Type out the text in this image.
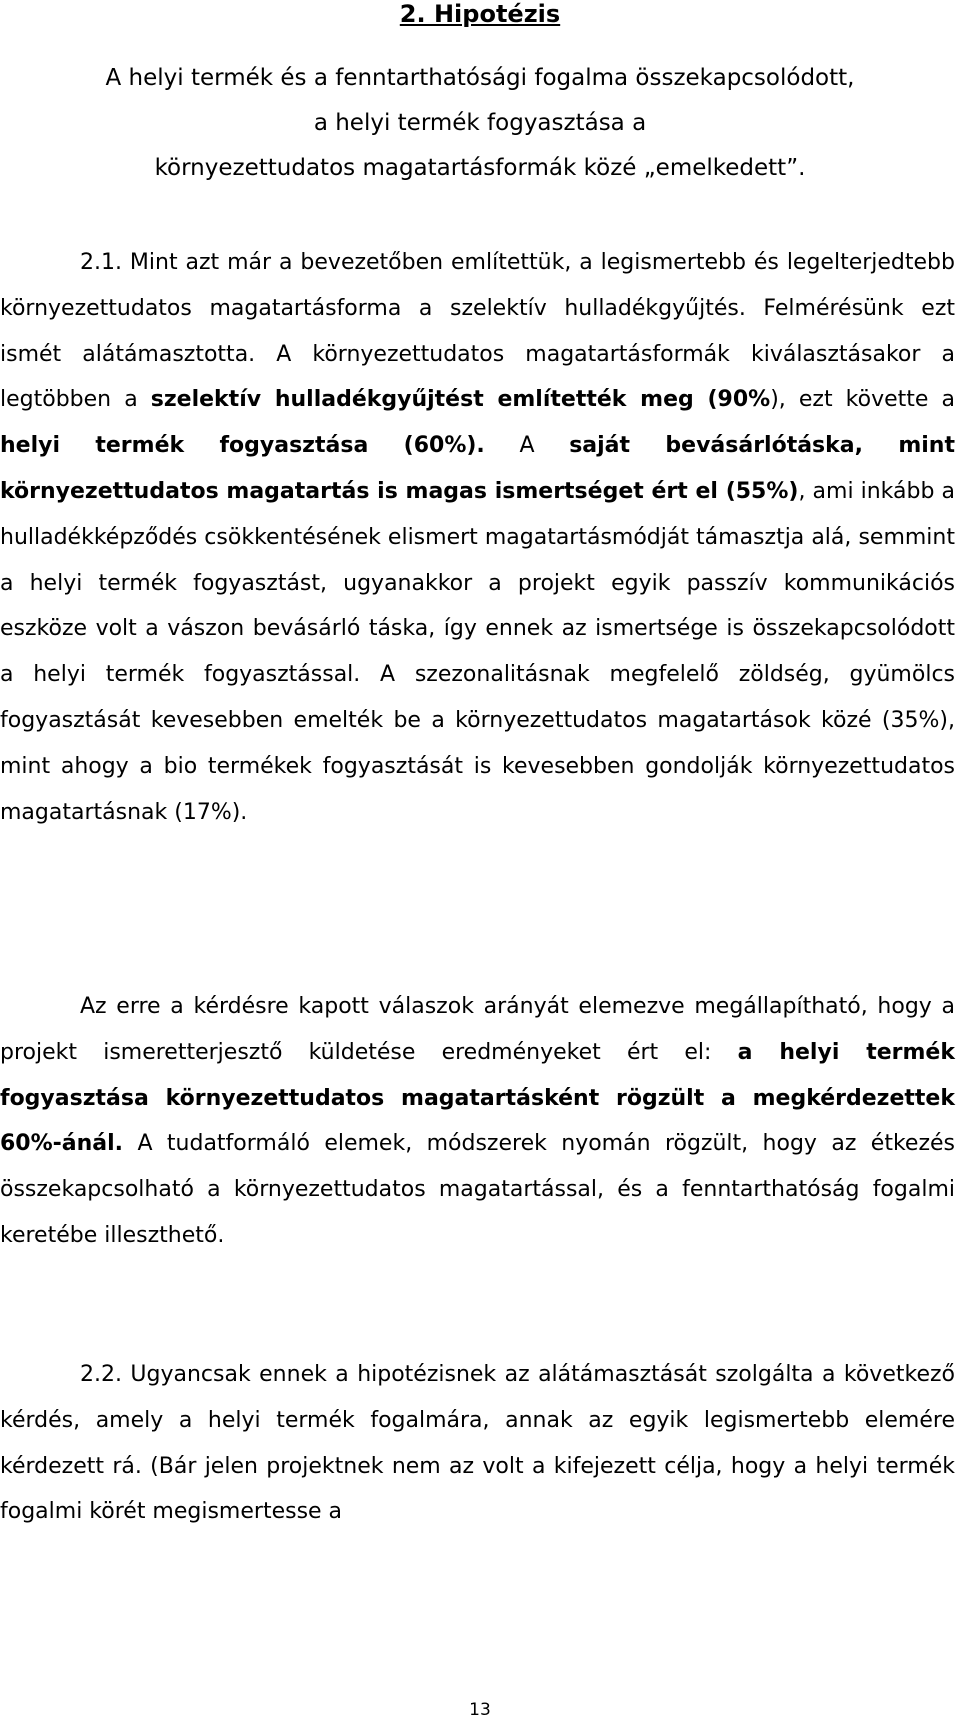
2. Hipotézis
A helyi termék és a fenntarthatósági fogalma összekapcsolódott,
a helyi termék fogyasztása a
környezettudatos magatartásformák közé „emelkedett”.

2.1. Mint azt már a bevezetőben említettük, a legismertebb és legelterjedtebb környezettudatos magatartásforma a szelektív hulladékgyűjtés. Felmérésünk ezt ismét alátámasztotta. A környezettudatos magatartásformák kiválasztásakor a legtöbben a szelektív hulladékgyűjtést említették meg (90%), ezt követte a helyi termék fogyasztása (60%). A saját bevásárlótáska, mint környezettudatos magatartás is magas ismertséget ért el (55%), ami inkább a hulladékképződés csökkentésének elismert magatartásmódját támasztja alá, semmint a helyi termék fogyasztást, ugyanakkor a projekt egyik passzív kommunikációs eszköze volt a vászon bevásárló táska, így ennek az ismertsége is összekapcsolódott a helyi termék fogyasztással. A szezonalitásnak megfelelő zöldség, gyümölcs fogyasztását kevesebben emelték be a környezettudatos magatartások közé (35%), mint ahogy a bio termékek fogyasztását is kevesebben gondolják környezettudatos magatartásnak (17%).

Az erre a kérdésre kapott válaszok arányát elemezve megállapítható, hogy a projekt ismeretterjesztő küldetése eredményeket ért el: a helyi termék fogyasztása környezettudatos magatartásként rögzült a megkérdezettek 60%-ánál. A tudatformáló elemek, módszerek nyomán rögzült, hogy az étkezés összekapcsolható a környezettudatos magatartással, és a fenntarthatóság fogalmi keretébe illeszthető.

2.2. Ugyancsak ennek a hipotézisnek az alátámasztását szolgálta a következő kérdés, amely a helyi termék fogalmára, annak az egyik legismertebb elemére kérdezett rá. (Bár jelen projektnek nem az volt a kifejezett célja, hogy a helyi termék fogalmi körét megismertesse a

13
